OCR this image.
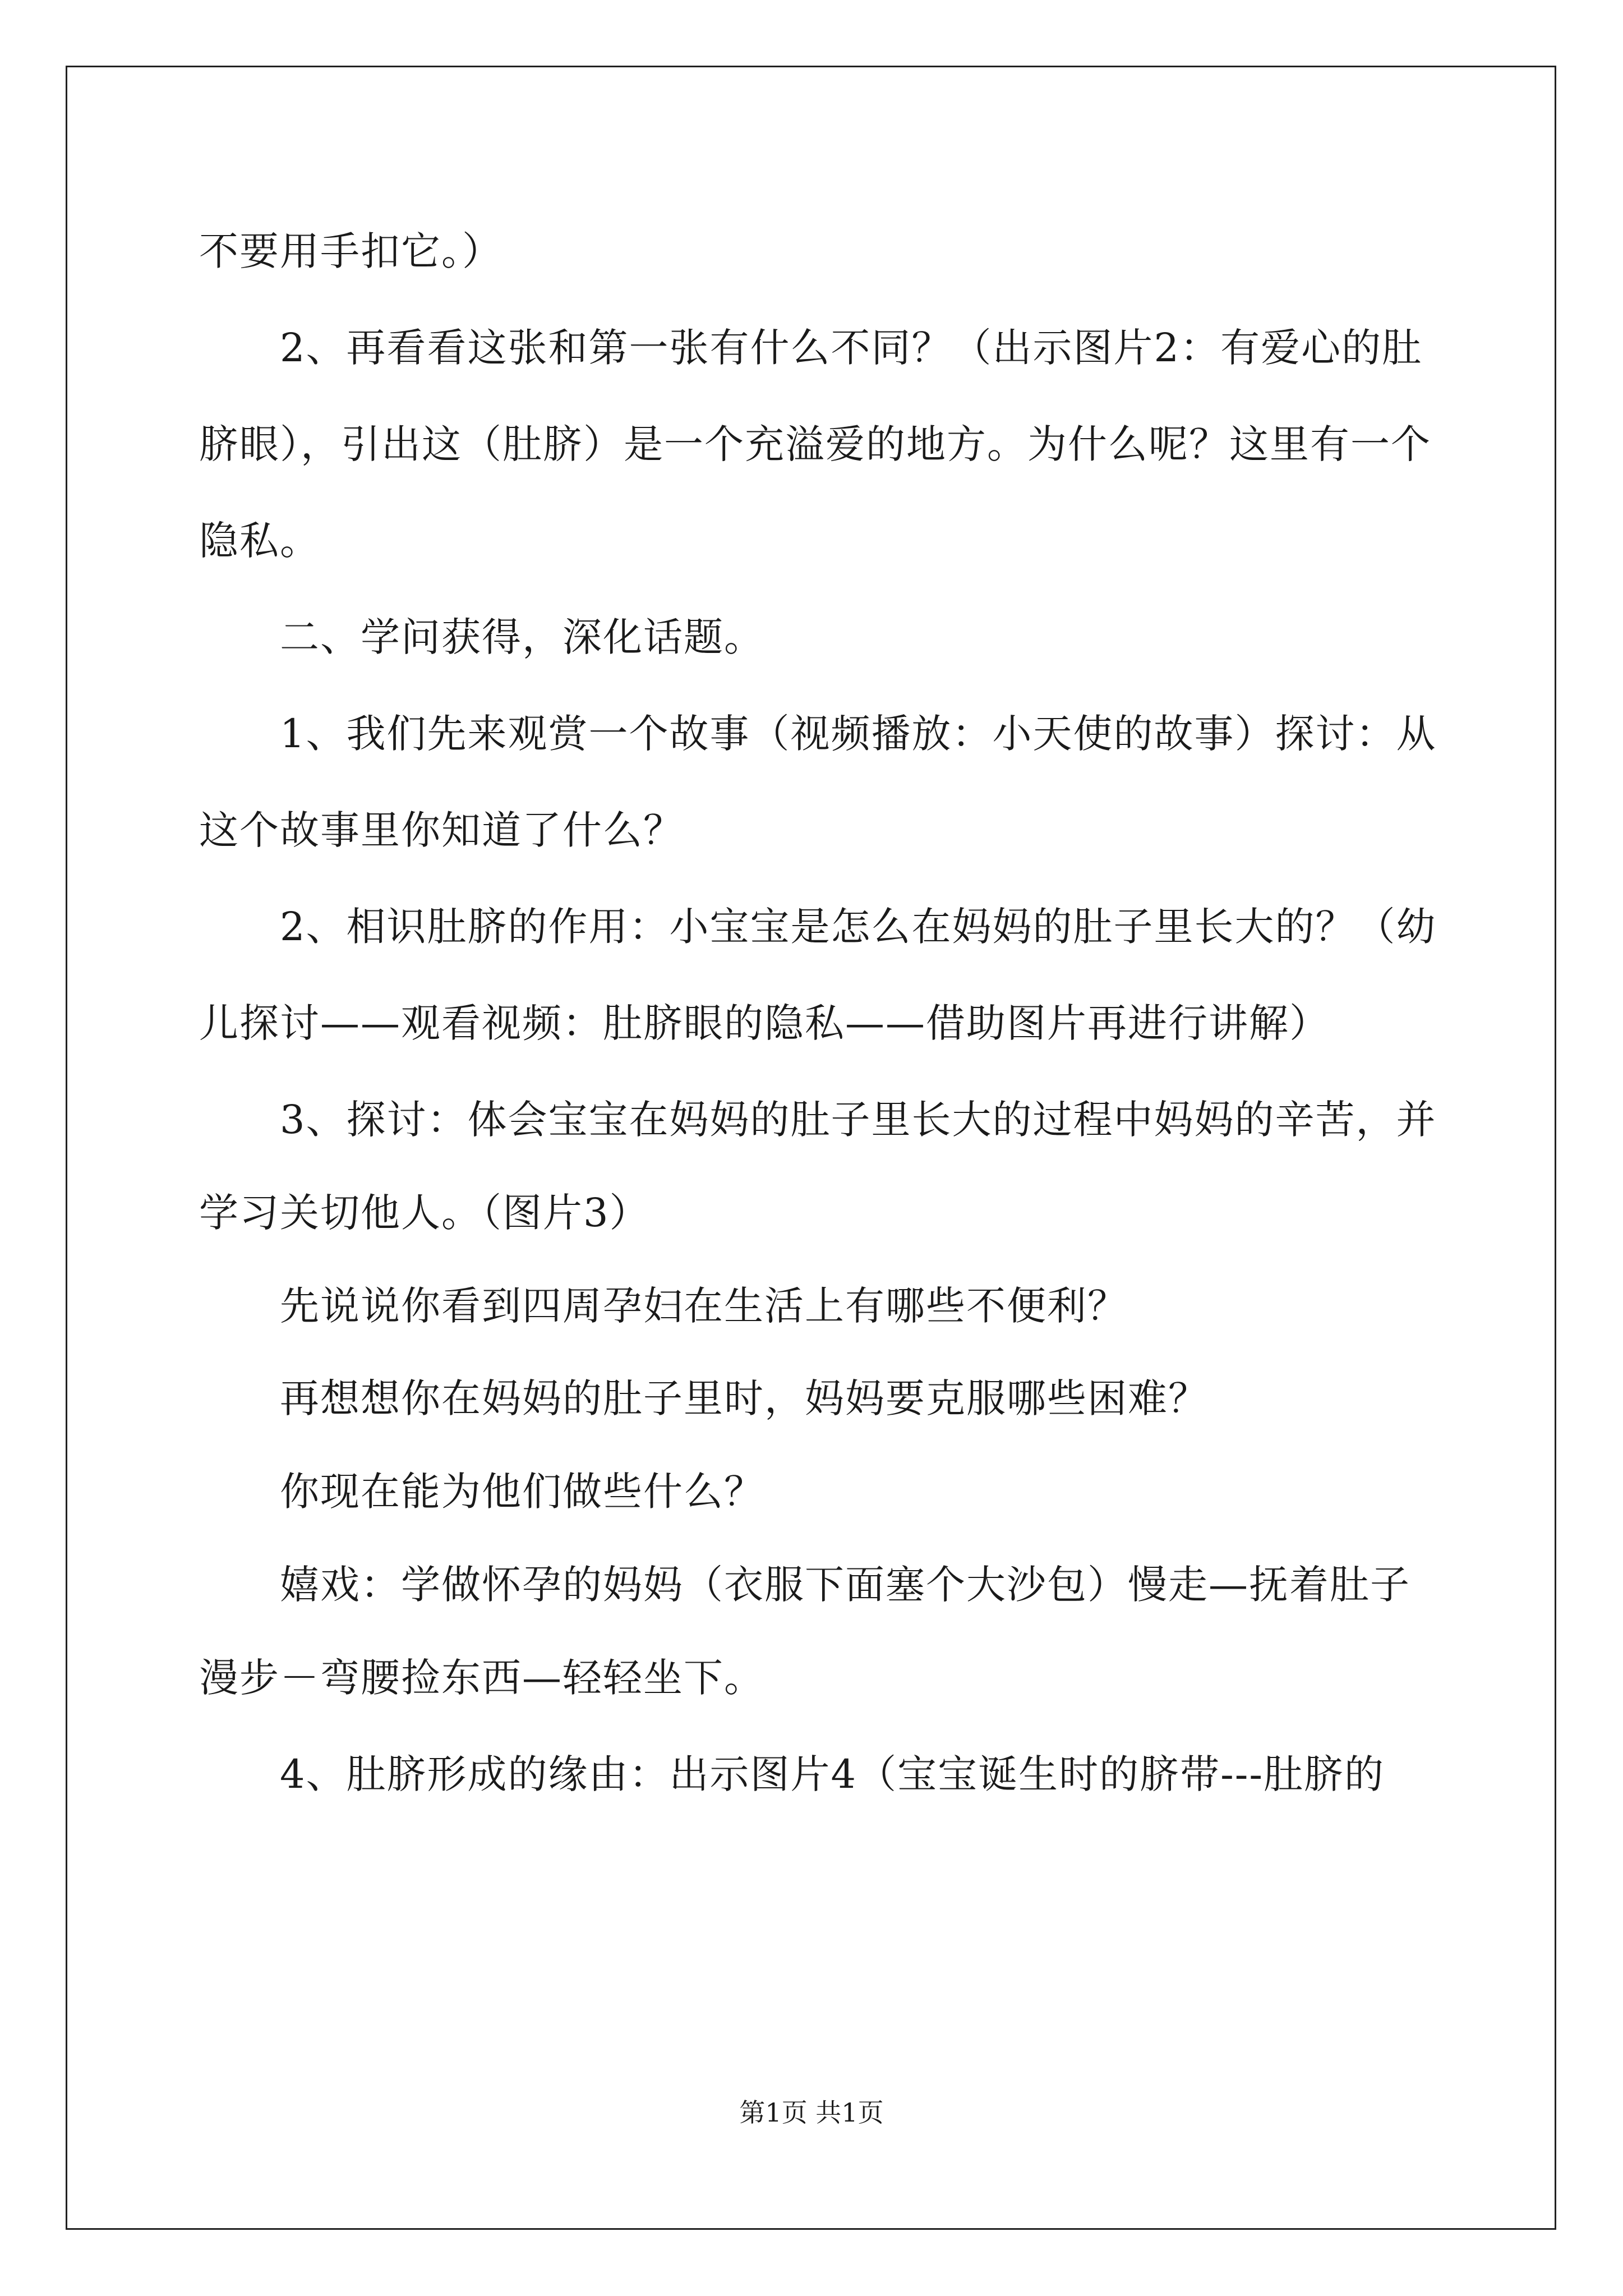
不要用手扣它。）
2、再看看这张和第一张有什么不同？（出示图片2：有爱心的肚
脐眼），引出这（肚脐）是一个充溢爱的地方。为什么呢？这里有一个
隐私。
二、学问获得，深化话题。
1、我们先来观赏一个故事（视频播放：小天使的故事）探讨：从
这个故事里你知道了什么？
2、相识肚脐的作用：小宝宝是怎么在妈妈的肚子里长大的？（幼
儿探讨——观看视频：肚脐眼的隐私——借助图片再进行讲解）
3、探讨：体会宝宝在妈妈的肚子里长大的过程中妈妈的辛苦，并
学习关切他人。（图片3）
先说说你看到四周孕妇在生活上有哪些不便利？
再想想你在妈妈的肚子里时，妈妈要克服哪些困难？
你现在能为他们做些什么？
嬉戏：学做怀孕的妈妈（衣服下面塞个大沙包）慢走—抚着肚子
漫步－弯腰捡东西—轻轻坐下。
4、肚脐形成的缘由：出示图片4（宝宝诞生时的脐带---肚脐的
第1页 共1页
